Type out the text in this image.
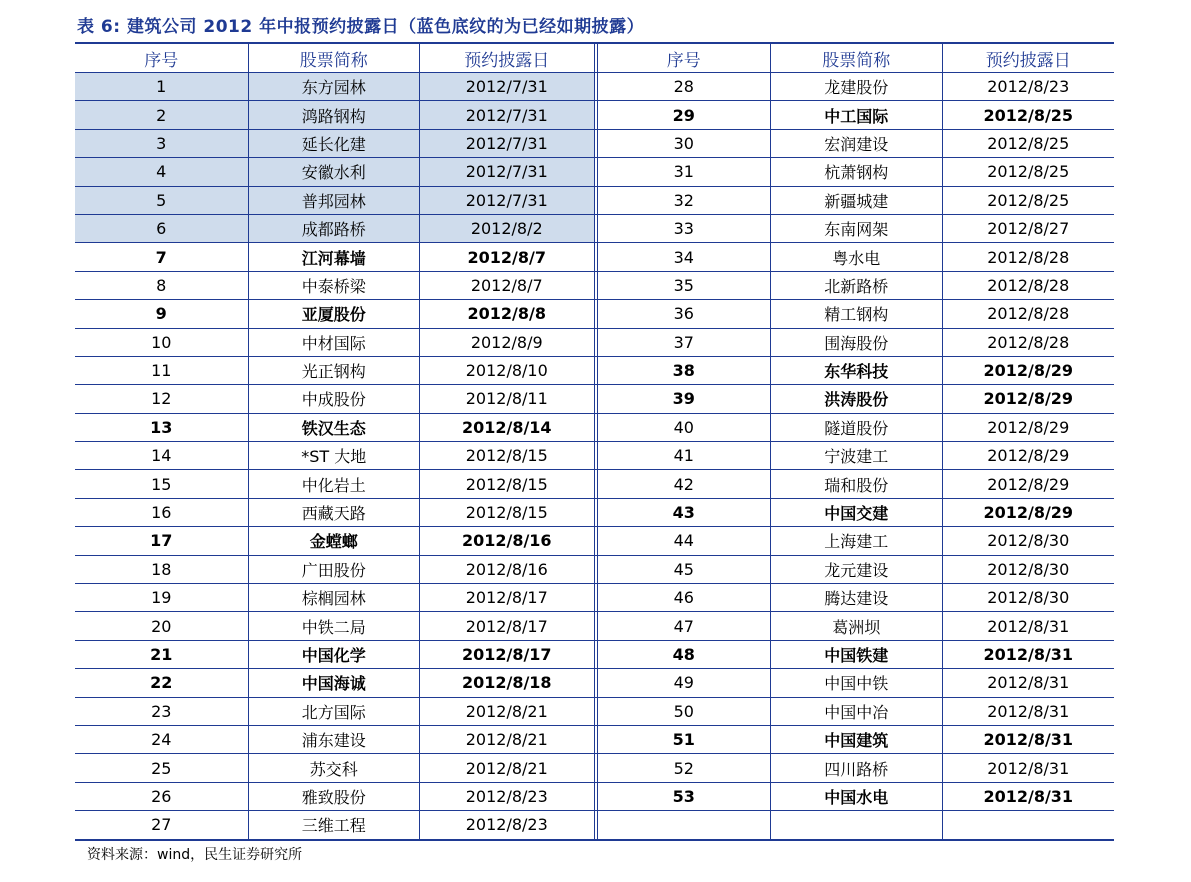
表 6: 建筑公司 2012 年中报预约披露日（蓝色底纹的为已经如期披露）
序号	股票简称	预约披露日	序号	股票简称	预约披露日
1	东方园林	2012/7/31	28	龙建股份	2012/8/23
2	鸿路钢构	2012/7/31	29	中工国际	2012/8/25
3	延长化建	2012/7/31	30	宏润建设	2012/8/25
4	安徽水利	2012/7/31	31	杭萧钢构	2012/8/25
5	普邦园林	2012/7/31	32	新疆城建	2012/8/25
6	成都路桥	2012/8/2	33	东南网架	2012/8/27
7	江河幕墙	2012/8/7	34	粤水电	2012/8/28
8	中泰桥梁	2012/8/7	35	北新路桥	2012/8/28
9	亚厦股份	2012/8/8	36	精工钢构	2012/8/28
10	中材国际	2012/8/9	37	围海股份	2012/8/28
11	光正钢构	2012/8/10	38	东华科技	2012/8/29
12	中成股份	2012/8/11	39	洪涛股份	2012/8/29
13	铁汉生态	2012/8/14	40	隧道股份	2012/8/29
14	*ST 大地	2012/8/15	41	宁波建工	2012/8/29
15	中化岩土	2012/8/15	42	瑞和股份	2012/8/29
16	西藏天路	2012/8/15	43	中国交建	2012/8/29
17	金螳螂	2012/8/16	44	上海建工	2012/8/30
18	广田股份	2012/8/16	45	龙元建设	2012/8/30
19	棕榈园林	2012/8/17	46	腾达建设	2012/8/30
20	中铁二局	2012/8/17	47	葛洲坝	2012/8/31
21	中国化学	2012/8/17	48	中国铁建	2012/8/31
22	中国海诚	2012/8/18	49	中国中铁	2012/8/31
23	北方国际	2012/8/21	50	中国中冶	2012/8/31
24	浦东建设	2012/8/21	51	中国建筑	2012/8/31
25	苏交科	2012/8/21	52	四川路桥	2012/8/31
26	雅致股份	2012/8/23	53	中国水电	2012/8/31
27	三维工程	2012/8/23
资料来源：wind，民生证券研究所
